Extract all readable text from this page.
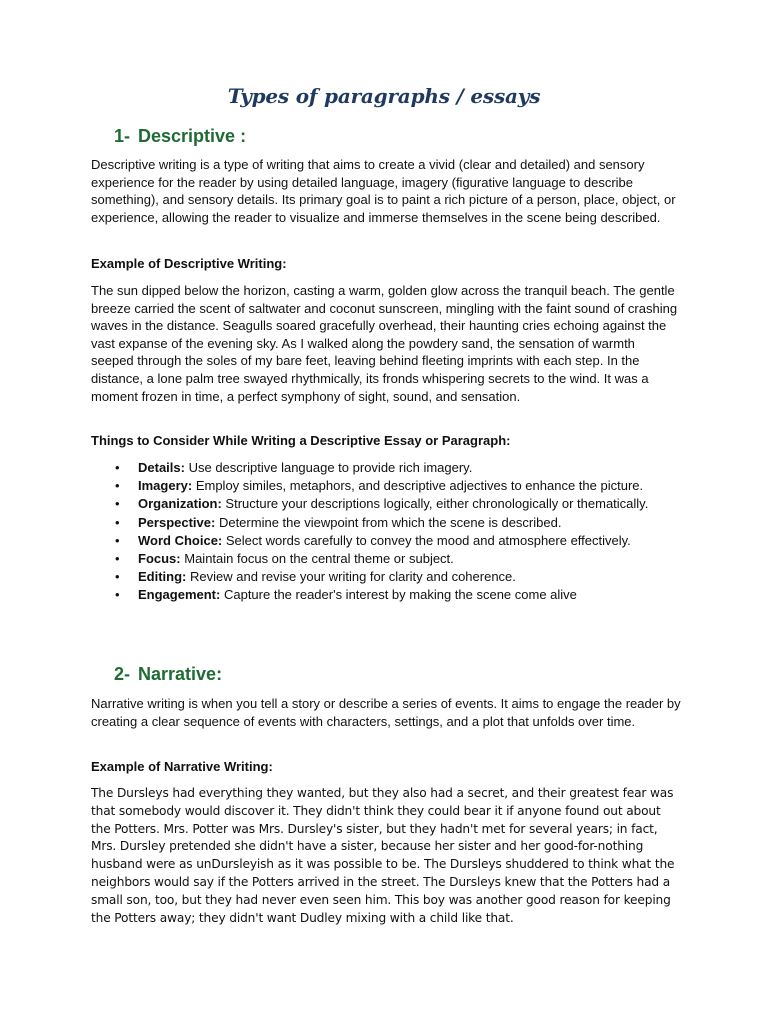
Types of paragraphs / essays
1- Descriptive :

Descriptive writing is a type of writing that aims to create a vivid (clear and detailed) and sensory experience for the reader by using detailed language, imagery (figurative language to describe something), and sensory details. Its primary goal is to paint a rich picture of a person, place, object, or experience, allowing the reader to visualize and immerse themselves in the scene being described.

Example of Descriptive Writing:

The sun dipped below the horizon, casting a warm, golden glow across the tranquil beach. The gentle breeze carried the scent of saltwater and coconut sunscreen, mingling with the faint sound of crashing waves in the distance. Seagulls soared gracefully overhead, their haunting cries echoing against the vast expanse of the evening sky. As I walked along the powdery sand, the sensation of warmth seeped through the soles of my bare feet, leaving behind fleeting imprints with each step. In the distance, a lone palm tree swayed rhythmically, its fronds whispering secrets to the wind. It was a moment frozen in time, a perfect symphony of sight, sound, and sensation.

Things to Consider While Writing a Descriptive Essay or Paragraph:

• Details: Use descriptive language to provide rich imagery.
• Imagery: Employ similes, metaphors, and descriptive adjectives to enhance the picture.
• Organization: Structure your descriptions logically, either chronologically or thematically.
• Perspective: Determine the viewpoint from which the scene is described.
• Word Choice: Select words carefully to convey the mood and atmosphere effectively.
• Focus: Maintain focus on the central theme or subject.
• Editing: Review and revise your writing for clarity and coherence.
• Engagement: Capture the reader's interest by making the scene come alive
2- Narrative:

Narrative writing is when you tell a story or describe a series of events. It aims to engage the reader by creating a clear sequence of events with characters, settings, and a plot that unfolds over time.

Example of Narrative Writing:

The Dursleys had everything they wanted, but they also had a secret, and their greatest fear was that somebody would discover it. They didn't think they could bear it if anyone found out about the Potters. Mrs. Potter was Mrs. Dursley's sister, but they hadn't met for several years; in fact, Mrs. Dursley pretended she didn't have a sister, because her sister and her good-for-nothing husband were as unDursleyish as it was possible to be. The Dursleys shuddered to think what the neighbors would say if the Potters arrived in the street. The Dursleys knew that the Potters had a small son, too, but they had never even seen him. This boy was another good reason for keeping the Potters away; they didn't want Dudley mixing with a child like that.
